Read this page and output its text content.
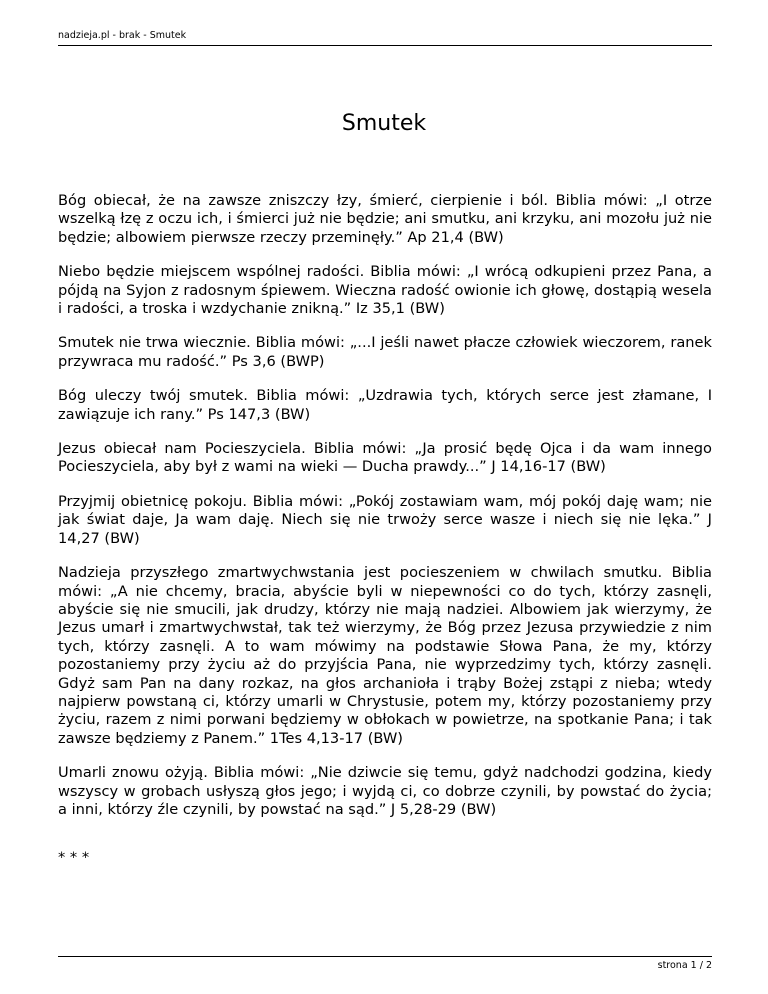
nadzieja.pl - brak - Smutek
Smutek

Bóg obiecał, że na zawsze zniszczy łzy, śmierć, cierpienie i ból. Biblia mówi: „I otrze wszelką łzę z oczu ich, i śmierci już nie będzie; ani smutku, ani krzyku, ani mozołu już nie będzie; albowiem pierwsze rzeczy przeminęły.” Ap 21,4 (BW)

Niebo będzie miejscem wspólnej radości. Biblia mówi: „I wrócą odkupieni przez Pana, a pójdą na Syjon z radosnym śpiewem. Wieczna radość owionie ich głowę, dostąpią wesela i radości, a troska i wzdychanie znikną.” Iz 35,1 (BW)

Smutek nie trwa wiecznie. Biblia mówi: „...I jeśli nawet płacze człowiek wieczorem, ranek przywraca mu radość.” Ps 3,6 (BWP)

Bóg uleczy twój smutek. Biblia mówi: „Uzdrawia tych, których serce jest złamane, I zawiązuje ich rany.” Ps 147,3 (BW)

Jezus obiecał nam Pocieszyciela. Biblia mówi: „Ja prosić będę Ojca i da wam innego Pocieszyciela, aby był z wami na wieki — Ducha prawdy...” J 14,16-17 (BW)

Przyjmij obietnicę pokoju. Biblia mówi: „Pokój zostawiam wam, mój pokój daję wam; nie jak świat daje, Ja wam daję. Niech się nie trwoży serce wasze i niech się nie lęka.” J 14,27 (BW)

Nadzieja przyszłego zmartwychwstania jest pocieszeniem w chwilach smutku. Biblia mówi: „A nie chcemy, bracia, abyście byli w niepewności co do tych, którzy zasnęli, abyście się nie smucili, jak drudzy, którzy nie mają nadziei. Albowiem jak wierzymy, że Jezus umarł i zmartwychwstał, tak też wierzymy, że Bóg przez Jezusa przywiedzie z nim tych, którzy zasnęli. A to wam mówimy na podstawie Słowa Pana, że my, którzy pozostaniemy przy życiu aż do przyjścia Pana, nie wyprzedzimy tych, którzy zasnęli. Gdyż sam Pan na dany rozkaz, na głos archanioła i trąby Bożej zstąpi z nieba; wtedy najpierw powstaną ci, którzy umarli w Chrystusie, potem my, którzy pozostaniemy przy życiu, razem z nimi porwani będziemy w obłokach w powietrze, na spotkanie Pana; i tak zawsze będziemy z Panem.” 1Tes 4,13-17 (BW)

Umarli znowu ożyją. Biblia mówi: „Nie dziwcie się temu, gdyż nadchodzi godzina, kiedy wszyscy w grobach usłyszą głos jego; i wyjdą ci, co dobrze czynili, by powstać do życia; a inni, którzy źle czynili, by powstać na sąd.” J 5,28-29 (BW)

* * *
strona 1 / 2
